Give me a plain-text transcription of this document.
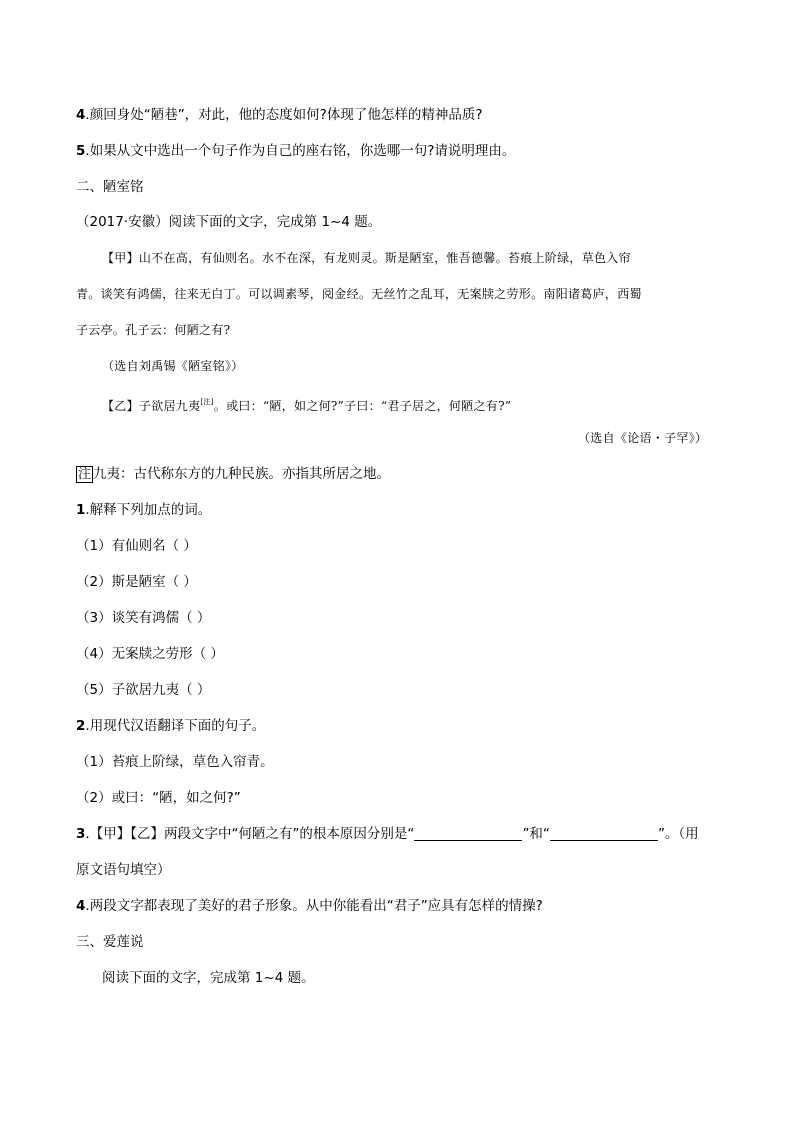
4.颜回身处“陋巷”，对此，他的态度如何?体现了他怎样的精神品质?
5.如果从文中选出一个句子作为自己的座右铭，你选哪一句?请说明理由。
二、陋室铭
（2017·安徽）阅读下面的文字，完成第 1~4 题。
【甲】山不在高，有仙则名。水不在深，有龙则灵。斯是陋室，惟吾德馨。苔痕上阶绿，草色入帘
青。谈笑有鸿儒，往来无白丁。可以调素琴，阅金经。无丝竹之乱耳，无案牍之劳形。南阳诸葛庐，西蜀
子云亭。孔子云：何陋之有?
（选自刘禹锡《陋室铭》）
【乙】子欲居九夷[注]。或曰：“陋，如之何?”子曰：“君子居之，何陋之有?”
（选自《论语・子罕》）
注 九夷：古代称东方的九种民族。亦指其所居之地。
1.解释下列加点的词。
（1）有仙则名（ ）
（2）斯是陋室（ ）
（3）谈笑有鸿儒（ ）
（4）无案牍之劳形（ ）
（5）子欲居九夷（ ）
2.用现代汉语翻译下面的句子。
（1）苔痕上阶绿，草色入帘青。
（2）或曰：“陋，如之何?”
3.【甲】【乙】两段文字中“何陋之有”的根本原因分别是“	”和“	”。（用
原文语句填空）
4.两段文字都表现了美好的君子形象。从中你能看出“君子”应具有怎样的情操?
三、爱莲说
阅读下面的文字，完成第 1~4 题。
